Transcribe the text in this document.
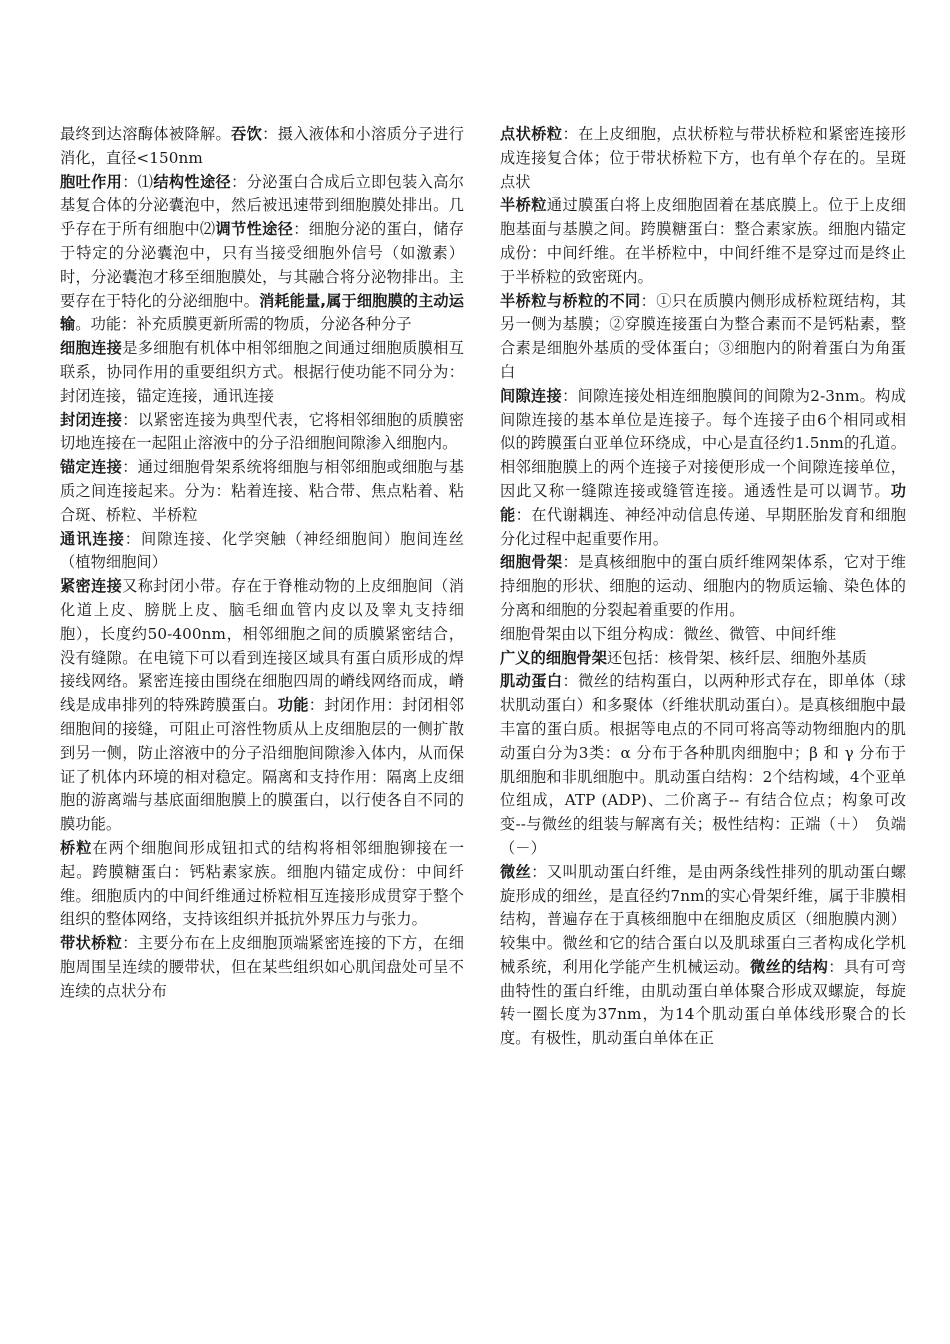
最终到达溶酶体被降解。吞饮：摄入液体和小溶质分子进行消化，直径<150nm

胞吐作用：⑴结构性途径：分泌蛋白合成后立即包装入高尔基复合体的分泌囊泡中，然后被迅速带到细胞膜处排出。几乎存在于所有细胞中⑵调节性途径：细胞分泌的蛋白，储存于特定的分泌囊泡中，只有当接受细胞外信号（如激素）时，分泌囊泡才移至细胞膜处，与其融合将分泌物排出。主要存在于特化的分泌细胞中。消耗能量,属于细胞膜的主动运输。功能：补充质膜更新所需的物质，分泌各种分子

细胞连接是多细胞有机体中相邻细胞之间通过细胞质膜相互联系，协同作用的重要组织方式。根据行使功能不同分为：封闭连接，锚定连接，通讯连接

封闭连接：以紧密连接为典型代表，它将相邻细胞的质膜密切地连接在一起阻止溶液中的分子沿细胞间隙渗入细胞内。

锚定连接：通过细胞骨架系统将细胞与相邻细胞或细胞与基质之间连接起来。分为：粘着连接、粘合带、焦点粘着、粘合斑、桥粒、半桥粒

通讯连接：间隙连接、化学突触（神经细胞间）胞间连丝（植物细胞间）

紧密连接又称封闭小带。存在于脊椎动物的上皮细胞间（消化道上皮、膀胱上皮、脑毛细血管内皮以及睾丸支持细胞），长度约50-400nm，相邻细胞之间的质膜紧密结合，没有缝隙。在电镜下可以看到连接区域具有蛋白质形成的焊接线网络。紧密连接由围绕在细胞四周的嵴线网络而成，嵴线是成串排列的特殊跨膜蛋白。功能：封闭作用：封闭相邻细胞间的接缝，可阻止可溶性物质从上皮细胞层的一侧扩散到另一侧，防止溶液中的分子沿细胞间隙渗入体内，从而保证了机体内环境的相对稳定。隔离和支持作用：隔离上皮细胞的游离端与基底面细胞膜上的膜蛋白，以行使各自不同的膜功能。

桥粒在两个细胞间形成钮扣式的结构将相邻细胞铆接在一起。跨膜糖蛋白：钙粘素家族。细胞内锚定成份：中间纤维。细胞质内的中间纤维通过桥粒相互连接形成贯穿于整个组织的整体网络，支持该组织并抵抗外界压力与张力。

带状桥粒：主要分布在上皮细胞顶端紧密连接的下方，在细胞周围呈连续的腰带状，但在某些组织如心肌闰盘处可呈不连续的点状分布

点状桥粒：在上皮细胞，点状桥粒与带状桥粒和紧密连接形成连接复合体；位于带状桥粒下方，也有单个存在的。呈斑点状

半桥粒通过膜蛋白将上皮细胞固着在基底膜上。位于上皮细胞基面与基膜之间。跨膜糖蛋白：整合素家族。细胞内锚定成份：中间纤维。在半桥粒中，中间纤维不是穿过而是终止于半桥粒的致密斑内。

半桥粒与桥粒的不同：①只在质膜内侧形成桥粒斑结构，其另一侧为基膜；②穿膜连接蛋白为整合素而不是钙粘素，整合素是细胞外基质的受体蛋白；③细胞内的附着蛋白为角蛋白

间隙连接：间隙连接处相连细胞膜间的间隙为2-3nm。构成间隙连接的基本单位是连接子。每个连接子由6个相同或相似的跨膜蛋白亚单位环绕成，中心是直径约1.5nm的孔道。相邻细胞膜上的两个连接子对接便形成一个间隙连接单位，因此又称一缝隙连接或缝管连接。通透性是可以调节。功能：在代谢耦连、神经冲动信息传递、早期胚胎发育和细胞分化过程中起重要作用。

细胞骨架：是真核细胞中的蛋白质纤维网架体系，它对于维持细胞的形状、细胞的运动、细胞内的物质运输、染色体的分离和细胞的分裂起着重要的作用。

细胞骨架由以下组分构成：微丝、微管、中间纤维

广义的细胞骨架还包括：核骨架、核纤层、细胞外基质

肌动蛋白：微丝的结构蛋白，以两种形式存在，即单体（球状肌动蛋白）和多聚体（纤维状肌动蛋白）。是真核细胞中最丰富的蛋白质。根据等电点的不同可将高等动物细胞内的肌动蛋白分为3类：α 分布于各种肌肉细胞中；β 和 γ 分布于肌细胞和非肌细胞中。肌动蛋白结构：2个结构域，4个亚单位组成，ATP (ADP)、二价离子-- 有结合位点；构象可改变--与微丝的组装与解离有关；极性结构：正端（＋）　负端（－）

微丝：又叫肌动蛋白纤维，是由两条线性排列的肌动蛋白螺旋形成的细丝，是直径约7nm的实心骨架纤维，属于非膜相结构，普遍存在于真核细胞中在细胞皮质区（细胞膜内测）较集中。微丝和它的结合蛋白以及肌球蛋白三者构成化学机械系统，利用化学能产生机械运动。微丝的结构：具有可弯曲特性的蛋白纤维，由肌动蛋白单体聚合形成双螺旋，每旋转一圈长度为37nm，为14个肌动蛋白单体线形聚合的长度。有极性，肌动蛋白单体在正
